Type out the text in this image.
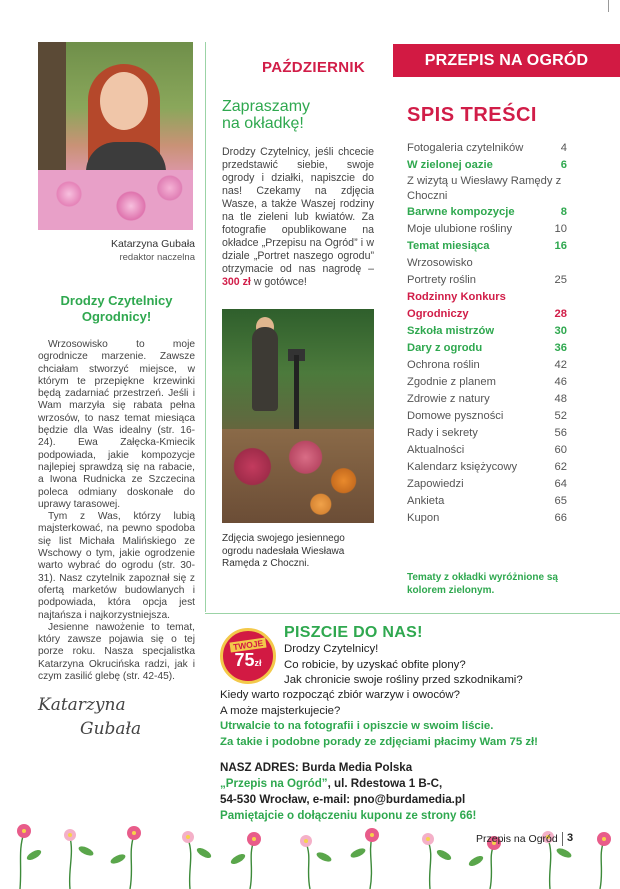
Katarzyna Gubała
redaktor naczelna
Drodzy Czytelnicy Ogrodnicy!

Wrzosowisko to moje ogrodnicze marzenie. Zawsze chciałam stworzyć miejsce, w którym te przepiękne krzewinki będą zadarniać przestrzeń. Jeśli i Wam marzyła się rabata pełna wrzosów, to nasz temat miesiąca będzie dla Was idealny (str. 16-24). Ewa Załęcka-Kmiecik podpowiada, jakie kompozycje najlepiej sprawdzą się na rabacie, a Iwona Rudnicka ze Szczecina poleca odmiany doskonałe do uprawy tarasowej.

Tym z Was, którzy lubią majsterkować, na pewno spodoba się list Michała Malińskiego ze Wschowy o tym, jakie ogrodzenie warto wybrać do ogrodu (str. 30-31). Nasz czytelnik zapoznał się z ofertą marketów budowlanych i podpowiada, która opcja jest najtańsza i najkorzystniejsza.

Jesienne nawożenie to temat, który zawsze pojawia się o tej porze roku. Nasza specjalistka Katarzyna Okrucińska radzi, jak i czym zasilić glebę (str. 42-45).

Katarzyna
Gubała
PAŹDZIERNIK	PRZEPIS NA OGRÓD
Zapraszamy
na okładkę!
Drodzy Czytelnicy, jeśli chcecie przedstawić siebie, swoje ogrody i działki, napiszcie do nas! Czekamy na zdjęcia Wasze, a także Waszej rodziny na tle zieleni lub kwiatów. Za fotografie opublikowane na okładce „Przepisu na Ogród” i w dziale „Portret naszego ogrodu” otrzymacie od nas nagrodę – 300 zł w gotówce!
Zdjęcia swojego jesiennego ogrodu nadesłała Wiesława Ramęda z Choczni.
SPIS TREŚCI
Fotogaleria czytelników	4
W zielonej oazie	6
Z wizytą u Wiesławy Ramędy z Choczni
Barwne kompozycje	8
Moje ulubione rośliny	10
Temat miesiąca	16
Wrzosowisko
Portrety roślin	25
Rodzinny Konkurs Ogrodniczy	28
Szkoła mistrzów	30
Dary z ogrodu	36
Ochrona roślin	42
Zgodnie z planem	46
Zdrowie z natury	48
Domowe pyszności	52
Rady i sekrety	56
Aktualności	60
Kalendarz księżycowy	62
Zapowiedzi	64
Ankieta	65
Kupon	66
Tematy z okładki wyróżnione są kolorem zielonym.
TWOJE
75zł
PISZCIE DO NAS!
Drodzy Czytelnicy!
Co robicie, by uzyskać obfite plony?
Jak chronicie swoje rośliny przed szkodnikami?
Kiedy warto rozpocząć zbiór warzyw i owoców?
A może majsterkujecie?
Utrwalcie to na fotografii i opiszcie w swoim liście.
Za takie i podobne porady ze zdjęciami płacimy Wam 75 zł!
NASZ ADRES: Burda Media Polska
„Przepis na Ogród”, ul. Rdestowa 1 B-C,
54-530 Wrocław, e-mail: pno@burdamedia.pl
Pamiętajcie o dołączeniu kuponu ze strony 66!
Przepis na Ogród 3
